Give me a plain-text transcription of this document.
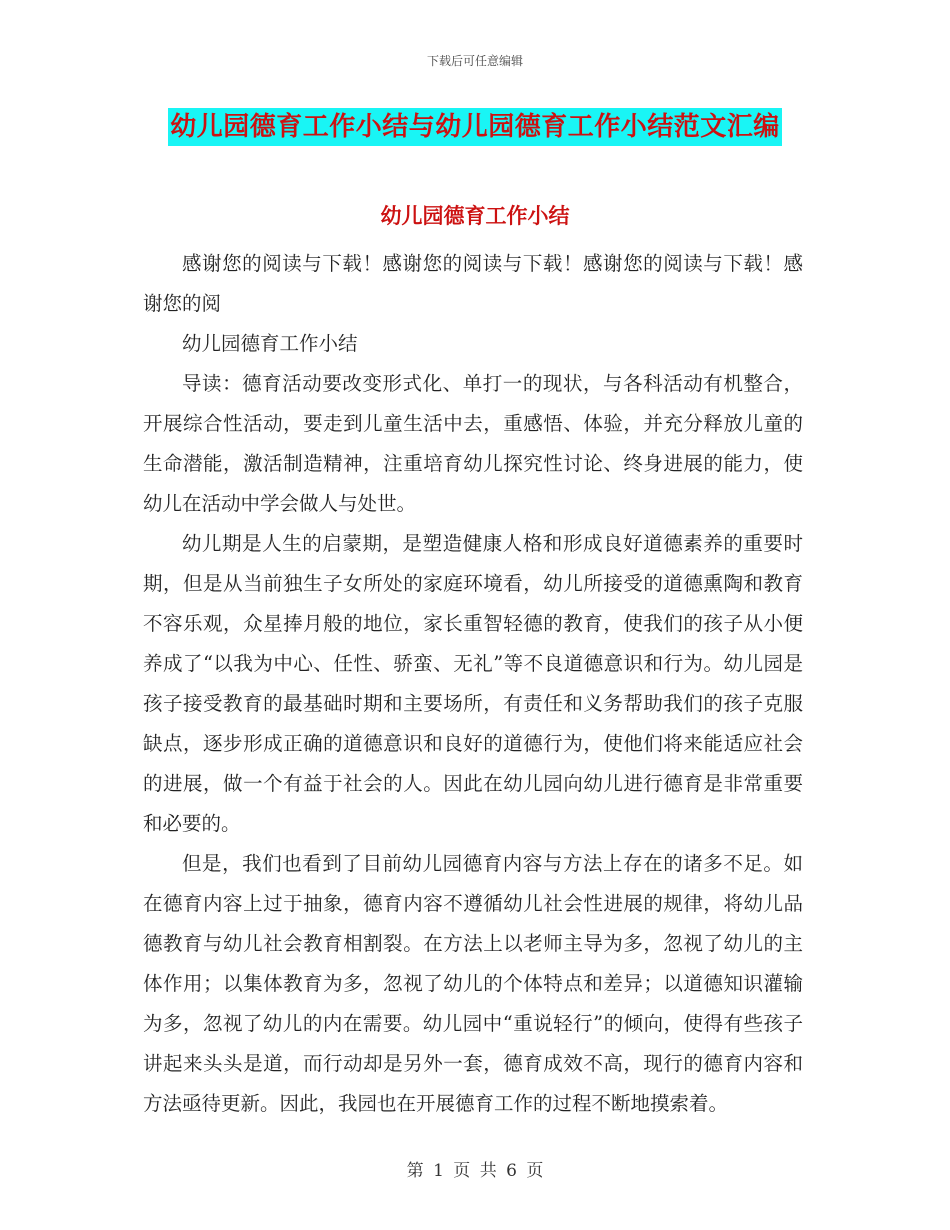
下载后可任意编辑
幼儿园德育工作小结与幼儿园德育工作小结范文汇编
幼儿园德育工作小结

感谢您的阅读与下载！感谢您的阅读与下载！感谢您的阅读与下载！感谢您的阅

幼儿园德育工作小结

导读：德育活动要改变形式化、单打一的现状，与各科活动有机整合，开展综合性活动，要走到儿童生活中去，重感悟、体验，并充分释放儿童的生命潜能，激活制造精神，注重培育幼儿探究性讨论、终身进展的能力，使幼儿在活动中学会做人与处世。

幼儿期是人生的启蒙期，是塑造健康人格和形成良好道德素养的重要时期，但是从当前独生子女所处的家庭环境看，幼儿所接受的道德熏陶和教育不容乐观，众星捧月般的地位，家长重智轻德的教育，使我们的孩子从小便养成了“以我为中心、任性、骄蛮、无礼”等不良道德意识和行为。幼儿园是孩子接受教育的最基础时期和主要场所，有责任和义务帮助我们的孩子克服缺点，逐步形成正确的道德意识和良好的道德行为，使他们将来能适应社会的进展，做一个有益于社会的人。因此在幼儿园向幼儿进行德育是非常重要和必要的。

但是，我们也看到了目前幼儿园德育内容与方法上存在的诸多不足。如在德育内容上过于抽象，德育内容不遵循幼儿社会性进展的规律，将幼儿品德教育与幼儿社会教育相割裂。在方法上以老师主导为多，忽视了幼儿的主体作用；以集体教育为多，忽视了幼儿的个体特点和差异；以道德知识灌输为多，忽视了幼儿的内在需要。幼儿园中“重说轻行”的倾向，使得有些孩子讲起来头头是道，而行动却是另外一套，德育成效不高，现行的德育内容和方法亟待更新。因此，我园也在开展德育工作的过程不断地摸索着。

第 1 页 共 6 页
